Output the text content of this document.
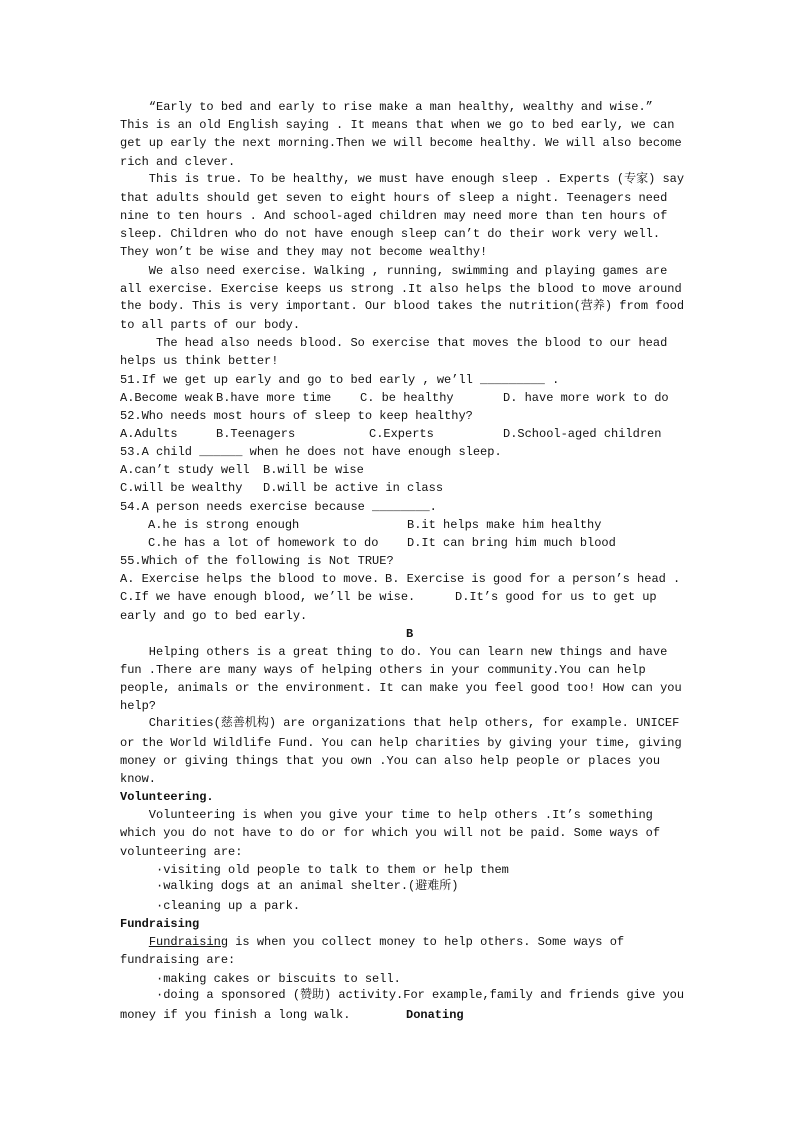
“Early to bed and early to rise make a man healthy, wealthy and wise.”
This is an old English saying . It means that when we go to bed early, we can
get up early the next morning.Then we will become healthy. We will also become
rich and clever.
This is true. To be healthy, we must have enough sleep . Experts (专家) say
that adults should get seven to eight hours of sleep a night. Teenagers need
nine to ten hours . And school-aged children may need more than ten hours of
sleep. Children who do not have enough sleep can’t do their work very well.
They won’t be wise and they may not become wealthy!
We also need exercise. Walking , running, swimming and playing games are
all exercise. Exercise keeps us strong .It also helps the blood to move around
the body. This is very important. Our blood takes the nutrition(营养) from food
to all parts of our body.
The head also needs blood. So exercise that moves the blood to our head
helps us think better!
51.If we get up early and go to bed early , we’ll _________ .
A.Become weak B.have more time C. be healthy	D. have more work to do
52.Who needs most hours of sleep to keep healthy?
A.Adults	B.Teenagers	C.Experts	D.School-aged children
53.A child ______ when he does not have enough sleep.
A.can’t study well B.will be wise
C.will be wealthy D.will be active in class
54.A person needs exercise because ________.
A.he is strong enough	B.it helps make him healthy
C.he has a lot of homework to do D.It can bring him much blood
55.Which of the following is Not TRUE?
A. Exercise helps the blood to move. B. Exercise is good for a person’s head .
C.If we have enough blood, we’ll be wise.	D.It’s good for us to get up
early and go to bed early.
B
Helping others is a great thing to do. You can learn new things and have
fun .There are many ways of helping others in your community.You can help
people, animals or the environment. It can make you feel good too! How can you
help?
Charities(慈善机构) are organizations that help others, for example. UNICEF
or the World Wildlife Fund. You can help charities by giving your time, giving
money or giving things that you own .You can also help people or places you
know.
Volunteering.
Volunteering is when you give your time to help others .It’s something
which you do not have to do or for which you will not be paid. Some ways of
volunteering are:
·visiting old people to talk to them or help them
·walking dogs at an animal shelter.(避难所)
·cleaning up a park.
Fundraising
Fundraising is when you collect money to help others. Some ways of
fundraising are:
·making cakes or biscuits to sell.
·doing a sponsored (赞助) activity.For example,family and friends give you
money if you finish a long walk.	Donating
